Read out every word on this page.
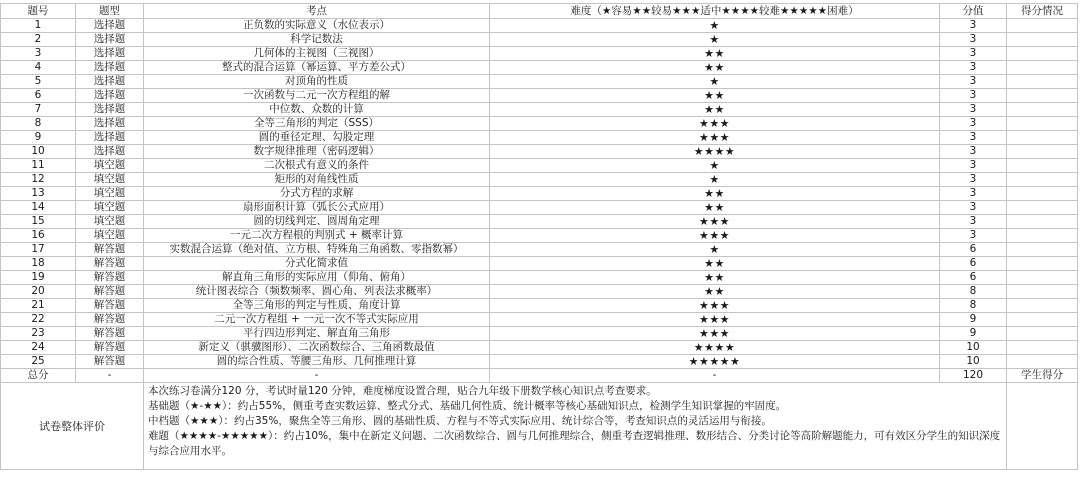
题号	题型	考点	难度（★容易★★较易★★★适中★★★★较难★★★★★困难）	分值	得分情况
1	选择题	正负数的实际意义（水位表示）	★	3	
2	选择题	科学记数法	★	3	
3	选择题	几何体的主视图（三视图）	★★	3	
4	选择题	整式的混合运算（幂运算、平方差公式）	★★	3	
5	选择题	对顶角的性质	★	3	
6	选择题	一次函数与二元一次方程组的解	★★	3	
7	选择题	中位数、众数的计算	★★	3	
8	选择题	全等三角形的判定（SSS）	★★★	3	
9	选择题	圆的垂径定理、勾股定理	★★★	3	
10	选择题	数字规律推理（密码逻辑）	★★★★	3	
11	填空题	二次根式有意义的条件	★	3	
12	填空题	矩形的对角线性质	★	3	
13	填空题	分式方程的求解	★★	3	
14	填空题	扇形面积计算（弧长公式应用）	★★	3	
15	填空题	圆的切线判定、圆周角定理	★★★	3	
16	填空题	一元二次方程根的判别式 + 概率计算	★★★	3	
17	解答题	实数混合运算（绝对值、立方根、特殊角三角函数、零指数幂）	★	6	
18	解答题	分式化简求值	★★	6	
19	解答题	解直角三角形的实际应用（仰角、俯角）	★★	6	
20	解答题	统计图表综合（频数频率、圆心角、列表法求概率）	★★	8	
21	解答题	全等三角形的判定与性质、角度计算	★★★	8	
22	解答题	二元一次方程组 + 一元一次不等式实际应用	★★★	9	
23	解答题	平行四边形判定、解直角三角形	★★★	9	
24	解答题	新定义（骐骥图形）、二次函数综合、三角函数最值	★★★★	10	
25	解答题	圆的综合性质、等腰三角形、几何推理计算	★★★★★	10	
总分	-	-	-	120	学生得分
试卷整体评价		本次练习卷满分120 分，考试时量120 分钟，难度梯度设置合理，贴合九年级下册数学核心知识点考查要求。

基础题（★-★★）：约占55%，侧重考查实数运算、整式分式、基础几何性质、统计概率等核心基础知识点，检测学生知识掌握的牢固度。

中档题（★★★）：约占35%，聚焦全等三角形、圆的基础性质、方程与不等式实际应用、统计综合等，考查知识点的灵活运用与衔接。

难题（★★★★-★★★★★）：约占10%，集中在新定义问题、二次函数综合、圆与几何推理综合，侧重考查逻辑推理、数形结合、分类讨论等高阶解题能力，可有效区分学生的知识深度与综合应用水平。			
